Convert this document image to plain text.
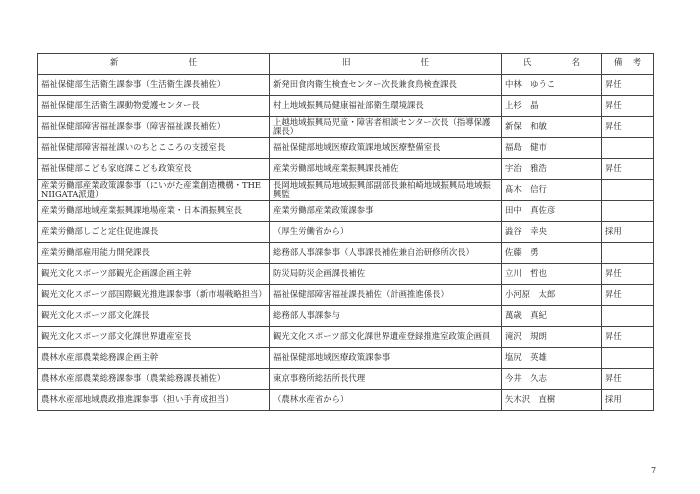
新 任	旧 任	氏 名	備 考
福祉保健部生活衛生課参事（生活衛生課長補佐）	新発田食肉衛生検査センター次長兼食鳥検査課長	中林　ゆうこ	昇任
福祉保健部生活衛生課動物愛護センター長	村上地域振興局健康福祉部衛生環境課長	上杉　晶	昇任
福祉保健部障害福祉課参事（障害福祉課長補佐）	上越地域振興局児童・障害者相談センター次長（指導保護課長）	新保　和敏	昇任
福祉保健部障害福祉課いのちとこころの支援室長	福祉保健部地域医療政策課地域医療整備室長	福島　健市	
福祉保健部こども家庭課こども政策室長	産業労働部地域産業振興課長補佐	宇治　雅浩	昇任
産業労働部産業政策課参事（にいがた産業創造機構・THE NIIGATA派遣）	長岡地域振興局地域振興部副部長兼柏崎地域振興局地域振興監	髙木　信行	
産業労働部地域産業振興課地場産業・日本酒振興室長	産業労働部産業政策課参事	田中　真佐彦	
産業労働部しごと定住促進課長	（厚生労働省から）	澁谷　幸央	採用
産業労働部雇用能力開発課長	総務部人事課参事（人事課長補佐兼自治研修所次長）	佐藤　勇	
観光文化スポーツ部観光企画課企画主幹	防災局防災企画課長補佐	立川　哲也	昇任
観光文化スポーツ部国際観光推進課参事（新市場戦略担当）	福祉保健部障害福祉課長補佐（計画推進係長）	小河原　太郎	昇任
観光文化スポーツ部文化課長	総務部人事課参与	萬歳　真紀	
観光文化スポーツ部文化課世界遺産室長	観光文化スポーツ部文化課世界遺産登録推進室政策企画員	滝沢　規朗	昇任
農林水産部農業総務課企画主幹	福祉保健部地域医療政策課参事	塩尻　英雄	
農林水産部農業総務課参事（農業総務課長補佐）	東京事務所総括所長代理	今井　久志	昇任
農林水産部地域農政推進課参事（担い手育成担当）	（農林水産省から）	矢木沢　直樹	採用
7
